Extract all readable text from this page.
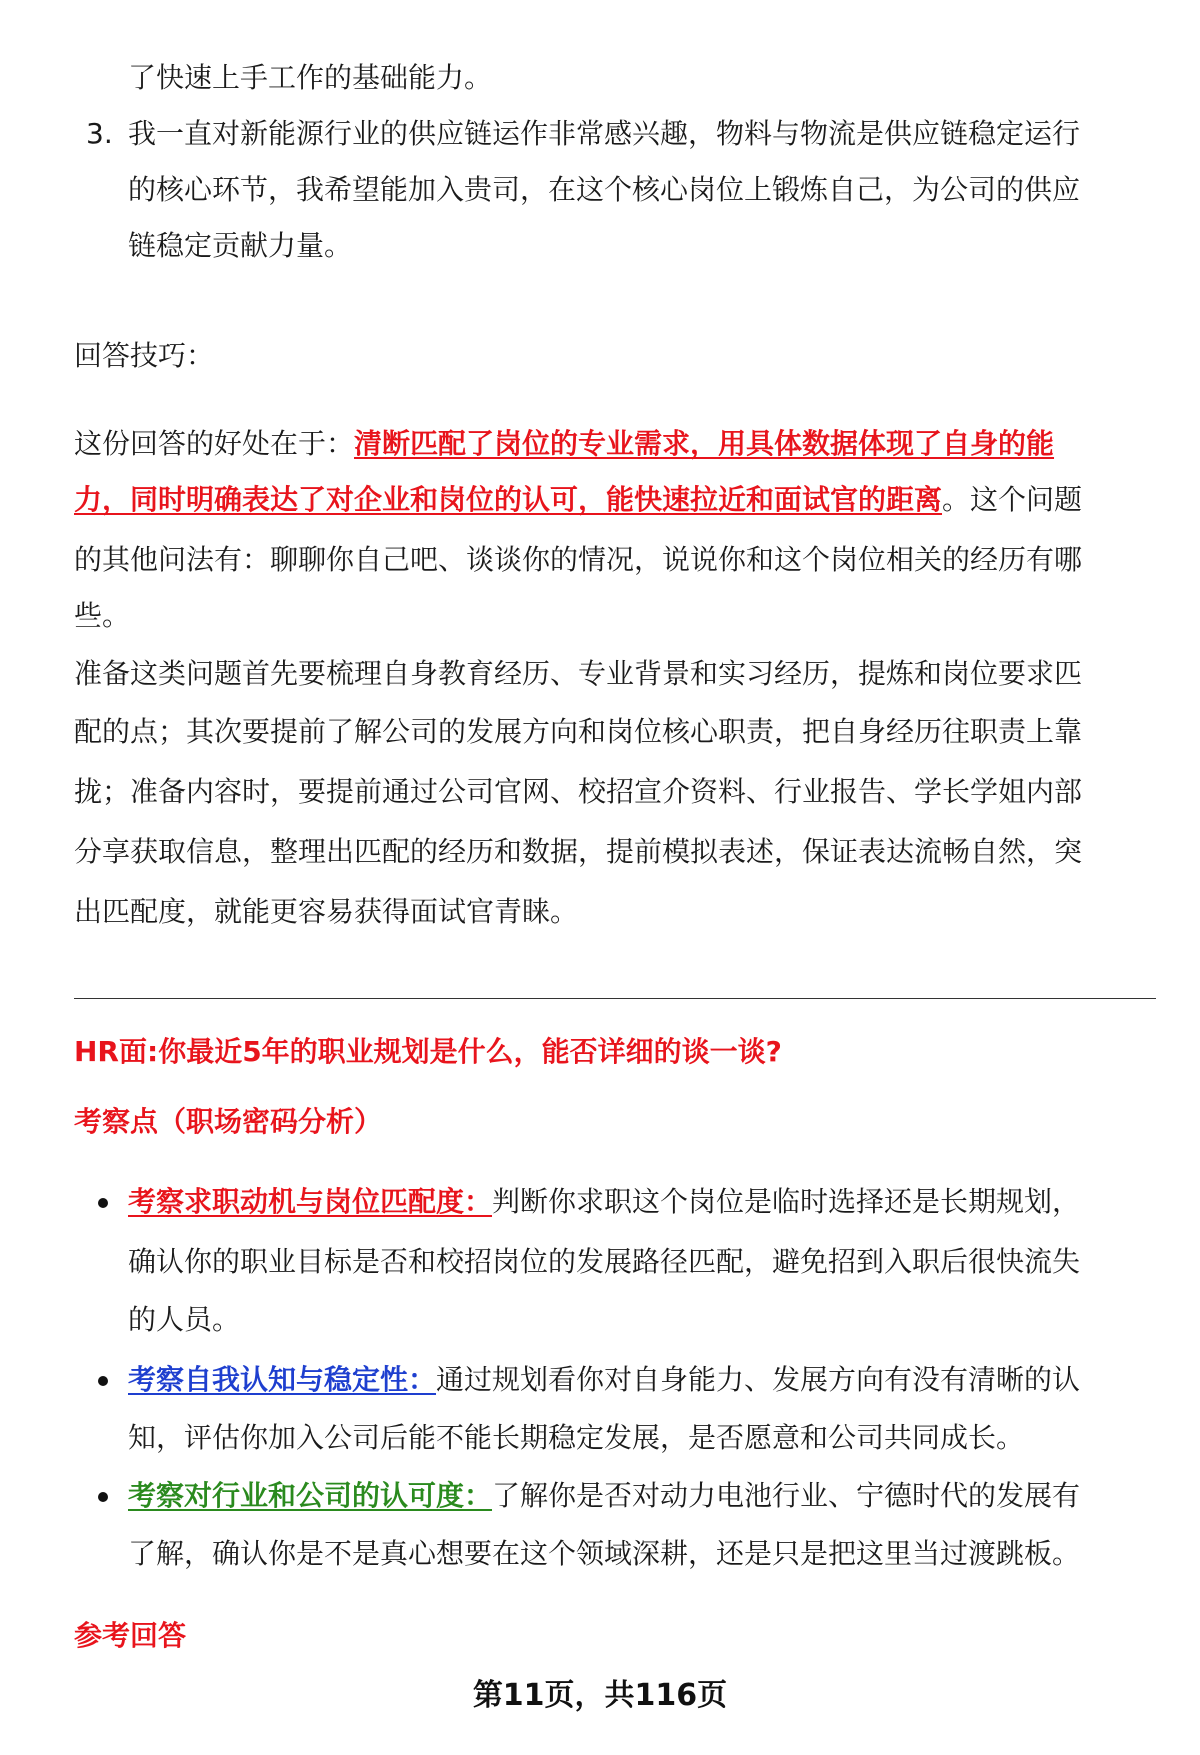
了快速上手工作的基础能力。
3. 我一直对新能源行业的供应链运作非常感兴趣，物料与物流是供应链稳定运行
的核心环节，我希望能加入贵司，在这个核心岗位上锻炼自己，为公司的供应
链稳定贡献力量。
回答技巧：
这份回答的好处在于：清断匹配了岗位的专业需求，用具体数据体现了自身的能
力，同时明确表达了对企业和岗位的认可，能快速拉近和面试官的距离。这个问题
的其他问法有：聊聊你自己吧、谈谈你的情况，说说你和这个岗位相关的经历有哪
些。
准备这类问题首先要梳理自身教育经历、专业背景和实习经历，提炼和岗位要求匹
配的点；其次要提前了解公司的发展方向和岗位核心职责，把自身经历往职责上靠
拢；准备内容时，要提前通过公司官网、校招宣介资料、行业报告、学长学姐内部
分享获取信息，整理出匹配的经历和数据，提前模拟表述，保证表达流畅自然，突
出匹配度，就能更容易获得面试官青睐。
HR面:你最近5年的职业规划是什么，能否详细的谈一谈?
考察点（职场密码分析）
考察求职动机与岗位匹配度：判断你求职这个岗位是临时选择还是长期规划，
确认你的职业目标是否和校招岗位的发展路径匹配，避免招到入职后很快流失
的人员。
考察自我认知与稳定性：通过规划看你对自身能力、发展方向有没有清晰的认
知，评估你加入公司后能不能长期稳定发展，是否愿意和公司共同成长。
考察对行业和公司的认可度：了解你是否对动力电池行业、宁德时代的发展有
了解，确认你是不是真心想要在这个领域深耕，还是只是把这里当过渡跳板。
参考回答
第11页，共116页
